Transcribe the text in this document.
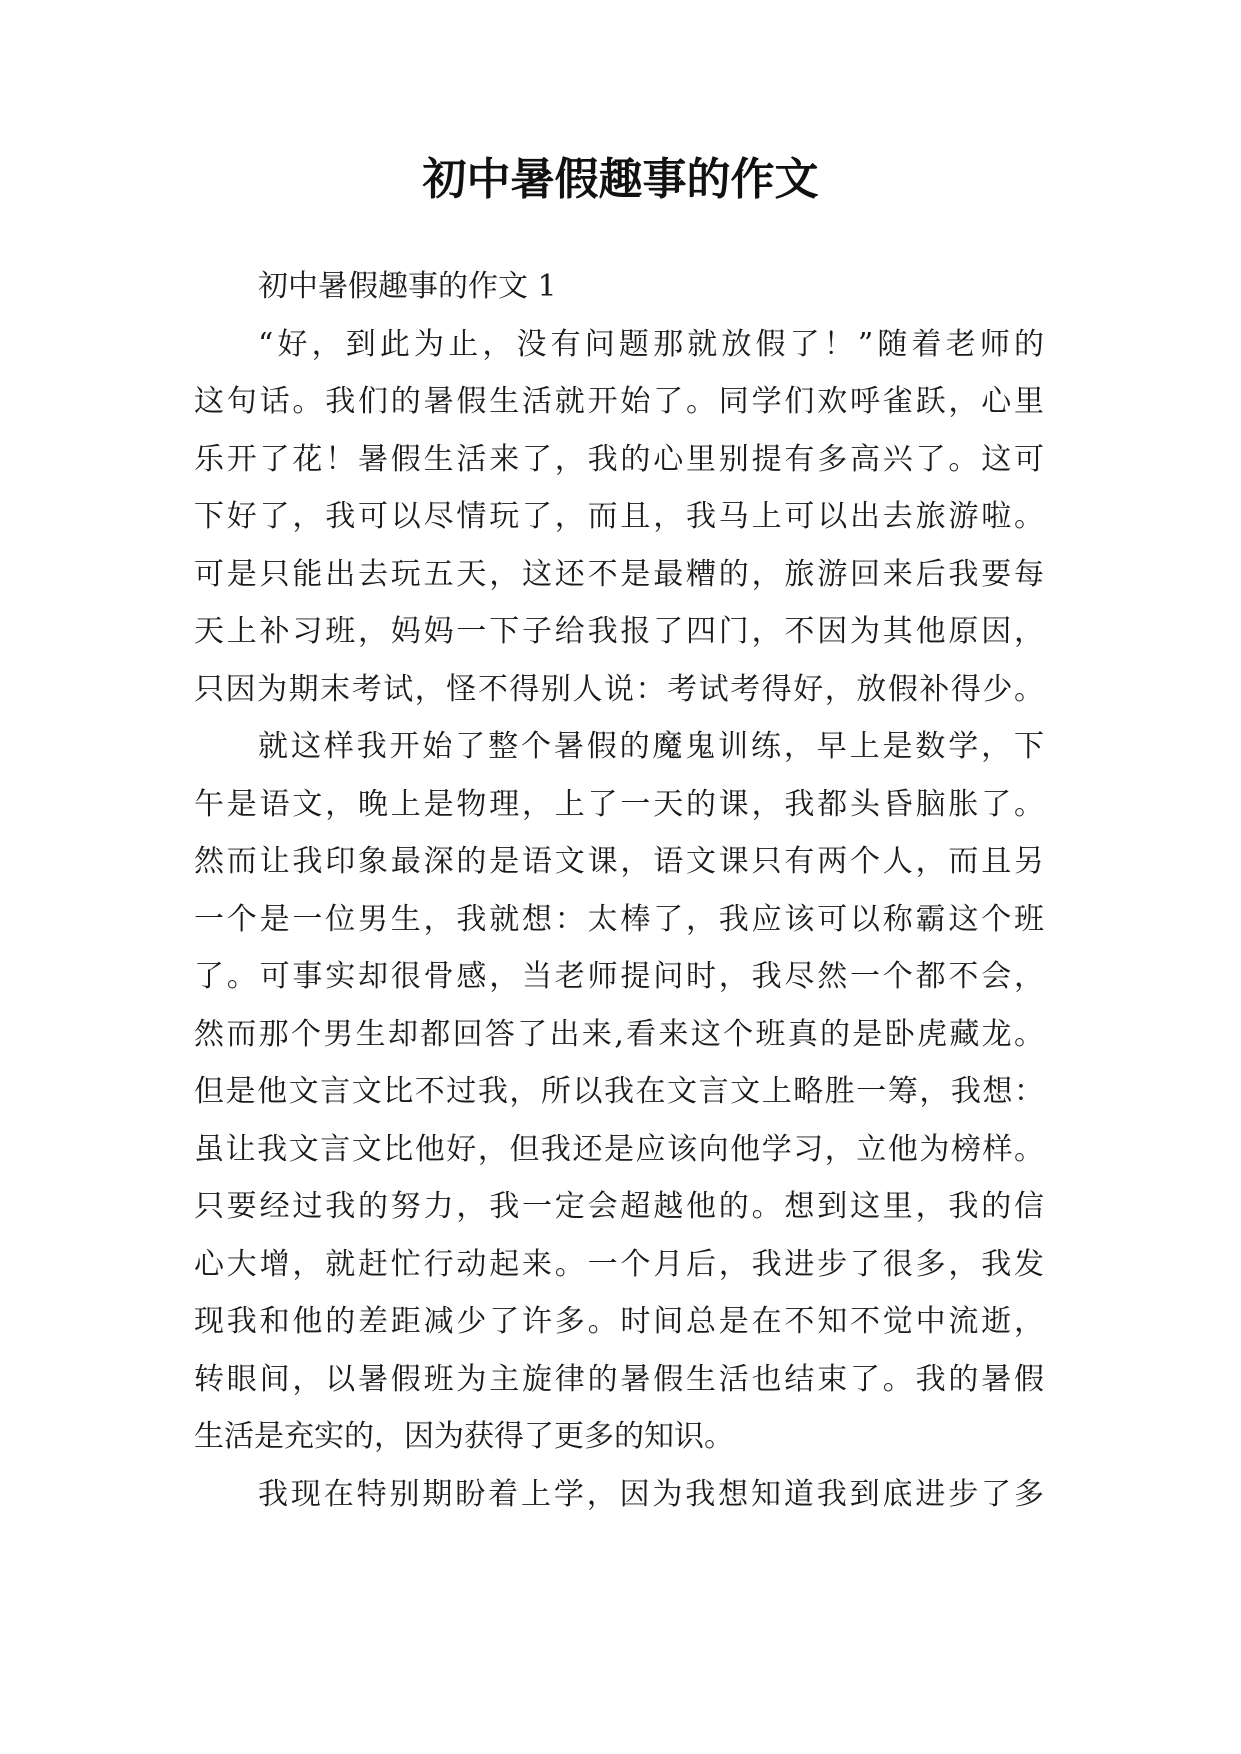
初中暑假趣事的作文
初中暑假趣事的作文 1
“好，到此为止，没有问题那就放假了！”随着老师的
这句话。我们的暑假生活就开始了。同学们欢呼雀跃，心里
乐开了花！暑假生活来了，我的心里别提有多高兴了。这可
下好了，我可以尽情玩了，而且，我马上可以出去旅游啦。
可是只能出去玩五天，这还不是最糟的，旅游回来后我要每
天上补习班，妈妈一下子给我报了四门，不因为其他原因，
只因为期末考试，怪不得别人说：考试考得好，放假补得少。
就这样我开始了整个暑假的魔鬼训练，早上是数学，下
午是语文，晚上是物理，上了一天的课，我都头昏脑胀了。
然而让我印象最深的是语文课，语文课只有两个人，而且另
一个是一位男生，我就想：太棒了，我应该可以称霸这个班
了。可事实却很骨感，当老师提问时，我尽然一个都不会，
然而那个男生却都回答了出来,看来这个班真的是卧虎藏龙。
但是他文言文比不过我，所以我在文言文上略胜一筹，我想：
虽让我文言文比他好，但我还是应该向他学习，立他为榜样。
只要经过我的努力，我一定会超越他的。想到这里，我的信
心大增，就赶忙行动起来。一个月后，我进步了很多，我发
现我和他的差距减少了许多。时间总是在不知不觉中流逝，
转眼间，以暑假班为主旋律的暑假生活也结束了。我的暑假
生活是充实的，因为获得了更多的知识。
我现在特别期盼着上学，因为我想知道我到底进步了多
